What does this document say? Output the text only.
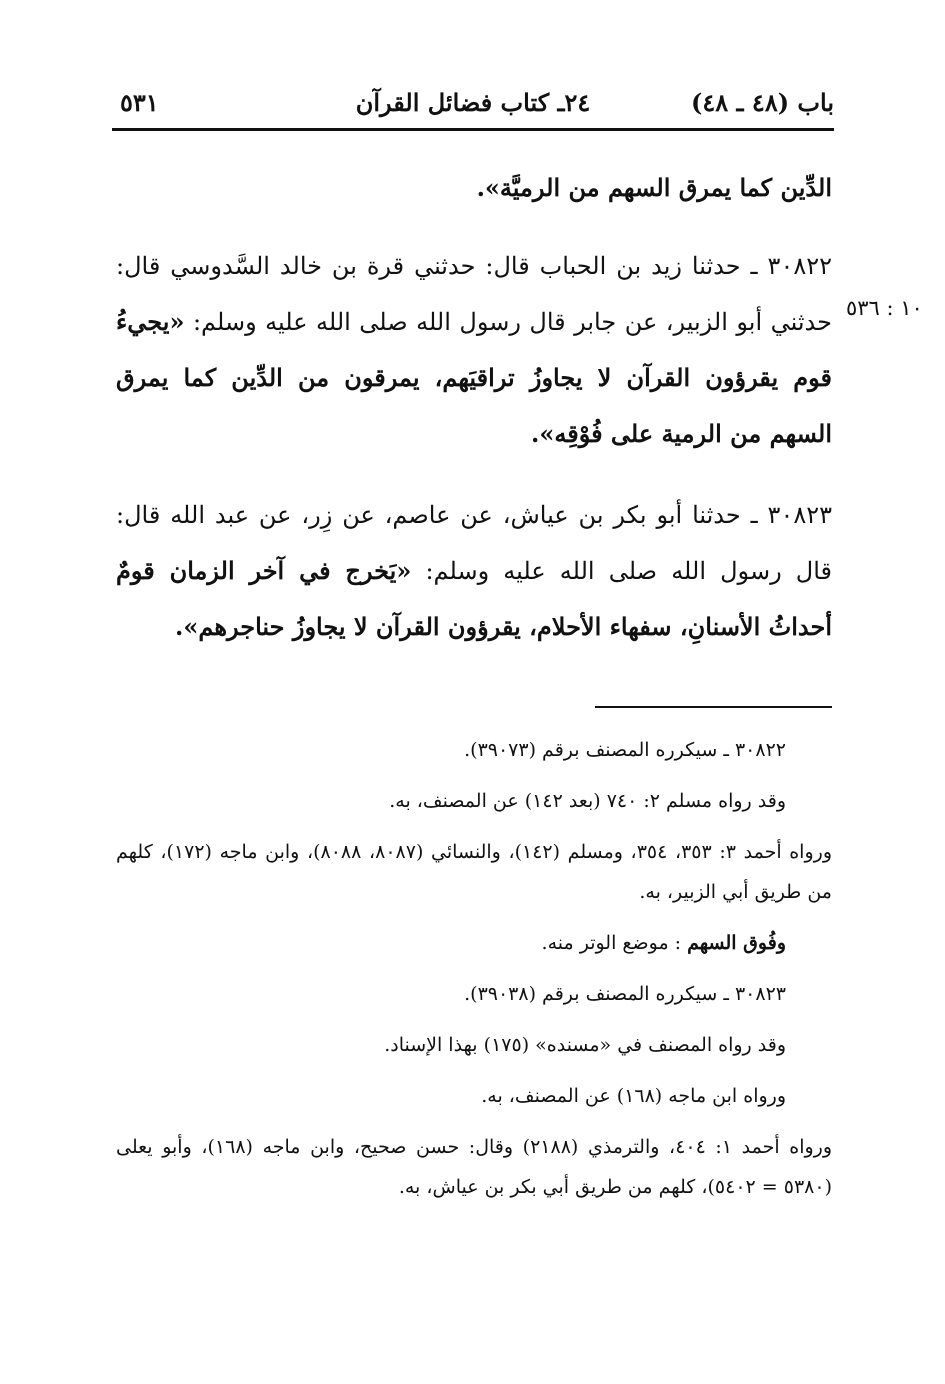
باب (٤٨ ـ ٤٨)
٢٤ـ كتاب فضائل القرآن
٥٣١
١٠ : ٥٣٦

الدِّين كما يمرق السهم من الرميَّة».

٣٠٨٢٢ ـ حدثنا زيد بن الحباب قال: حدثني قرة بن خالد السَّدوسي قال: حدثني أبو الزبير، عن جابر قال رسول الله صلى الله عليه وسلم: «يجيءُ قوم يقرؤون القرآن لا يجاوزُ تراقيَهم، يمرقون من الدِّين كما يمرق السهم من الرمية على فُوْقِه».

٣٠٨٢٣ ـ حدثنا أبو بكر بن عياش، عن عاصم، عن زِر، عن عبد الله قال: قال رسول الله صلى الله عليه وسلم: «يَخرج في آخر الزمان قومٌ أحداثُ الأسنانِ، سفهاء الأحلام، يقرؤون القرآن لا يجاوزُ حناجرهم».

٣٠٨٢٢ ـ سيكرره المصنف برقم (٣٩٠٧٣).

وقد رواه مسلم ٢: ٧٤٠ (بعد ١٤٢) عن المصنف، به.

ورواه أحمد ٣: ٣٥٣، ٣٥٤، ومسلم (١٤٢)، والنسائي (٨٠٨٧، ٨٠٨٨)، وابن ماجه (١٧٢)، كلهم من طريق أبي الزبير، به.

وفُوق السهم : موضع الوتر منه.

٣٠٨٢٣ ـ سيكرره المصنف برقم (٣٩٠٣٨).

وقد رواه المصنف في «مسنده» (١٧٥) بهذا الإسناد.

ورواه ابن ماجه (١٦٨) عن المصنف، به.

ورواه أحمد ١: ٤٠٤، والترمذي (٢١٨٨) وقال: حسن صحيح، وابن ماجه (١٦٨)، وأبو يعلى (٥٣٨٠ = ٥٤٠٢)، كلهم من طريق أبي بكر بن عياش، به.
